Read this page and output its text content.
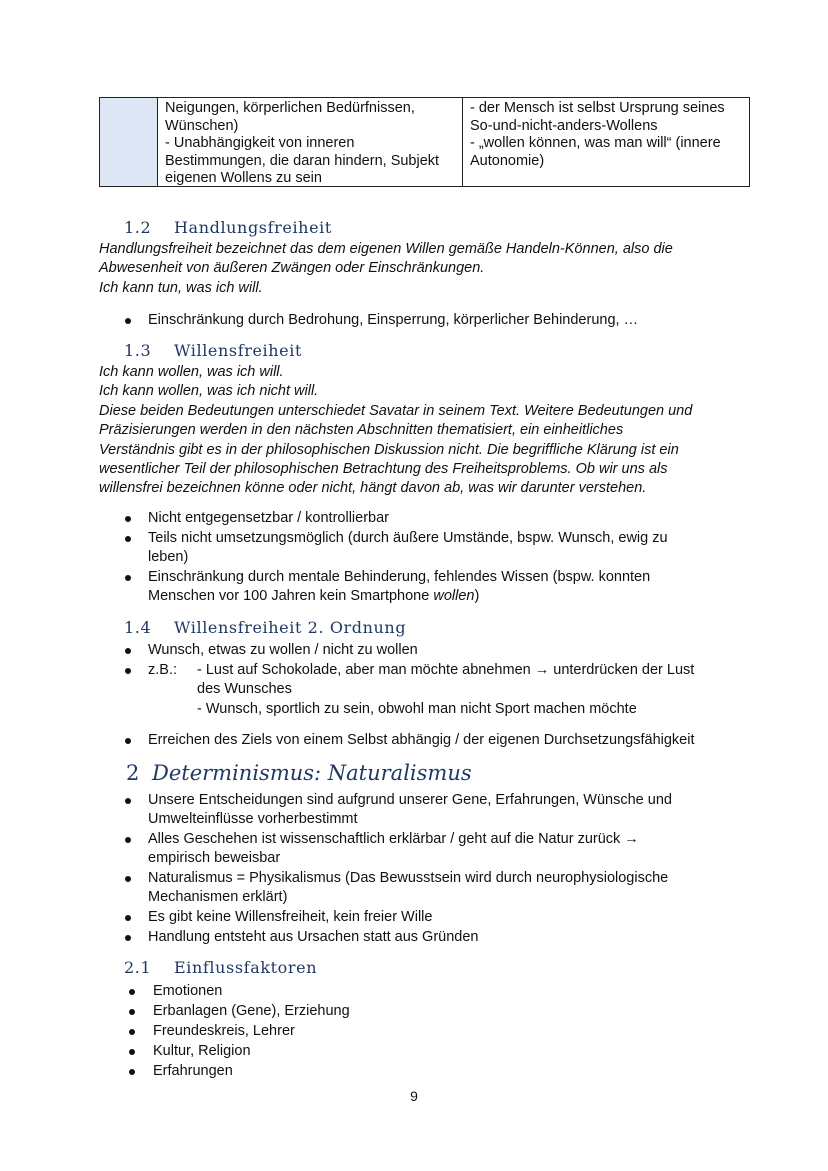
Neigungen, körperlichen Bedürfnissen,
Wünschen)
- Unabhängigkeit von inneren
Bestimmungen, die daran hindern, Subjekt
eigenen Wollens zu sein
- der Mensch ist selbst Ursprung seines
So-und-nicht-anders-Wollens
- „wollen können, was man will“ (innere
Autonomie)
1.2 Handlungsfreiheit
Handlungsfreiheit bezeichnet das dem eigenen Willen gemäße Handeln-Können, also die
Abwesenheit von äußeren Zwängen oder Einschränkungen.
Ich kann tun, was ich will.
Einschränkung durch Bedrohung, Einsperrung, körperlicher Behinderung, …
1.3 Willensfreiheit
Ich kann wollen, was ich will.
Ich kann wollen, was ich nicht will.
Diese beiden Bedeutungen unterschiedet Savatar in seinem Text. Weitere Bedeutungen und
Präzisierungen werden in den nächsten Abschnitten thematisiert, ein einheitliches
Verständnis gibt es in der philosophischen Diskussion nicht. Die begriffliche Klärung ist ein
wesentlicher Teil der philosophischen Betrachtung des Freiheitsproblems. Ob wir uns als
willensfrei bezeichnen könne oder nicht, hängt davon ab, was wir darunter verstehen.
Nicht entgegensetzbar / kontrollierbar
Teils nicht umsetzungsmöglich (durch äußere Umstände, bspw. Wunsch, ewig zu
leben)
Einschränkung durch mentale Behinderung, fehlendes Wissen (bspw. konnten
Menschen vor 100 Jahren kein Smartphone wollen)
1.4 Willensfreiheit 2. Ordnung
Wunsch, etwas zu wollen / nicht zu wollen
z.B.: - Lust auf Schokolade, aber man möchte abnehmen → unterdrücken der Lust
des Wunsches
- Wunsch, sportlich zu sein, obwohl man nicht Sport machen möchte
Erreichen des Ziels von einem Selbst abhängig / der eigenen Durchsetzungsfähigkeit
2 Determinismus: Naturalismus
Unsere Entscheidungen sind aufgrund unserer Gene, Erfahrungen, Wünsche und
Umwelteinflüsse vorherbestimmt
Alles Geschehen ist wissenschaftlich erklärbar / geht auf die Natur zurück →
empirisch beweisbar
Naturalismus = Physikalismus (Das Bewusstsein wird durch neurophysiologische
Mechanismen erklärt)
Es gibt keine Willensfreiheit, kein freier Wille
Handlung entsteht aus Ursachen statt aus Gründen
2.1 Einflussfaktoren
Emotionen
Erbanlagen (Gene), Erziehung
Freundeskreis, Lehrer
Kultur, Religion
Erfahrungen
9
